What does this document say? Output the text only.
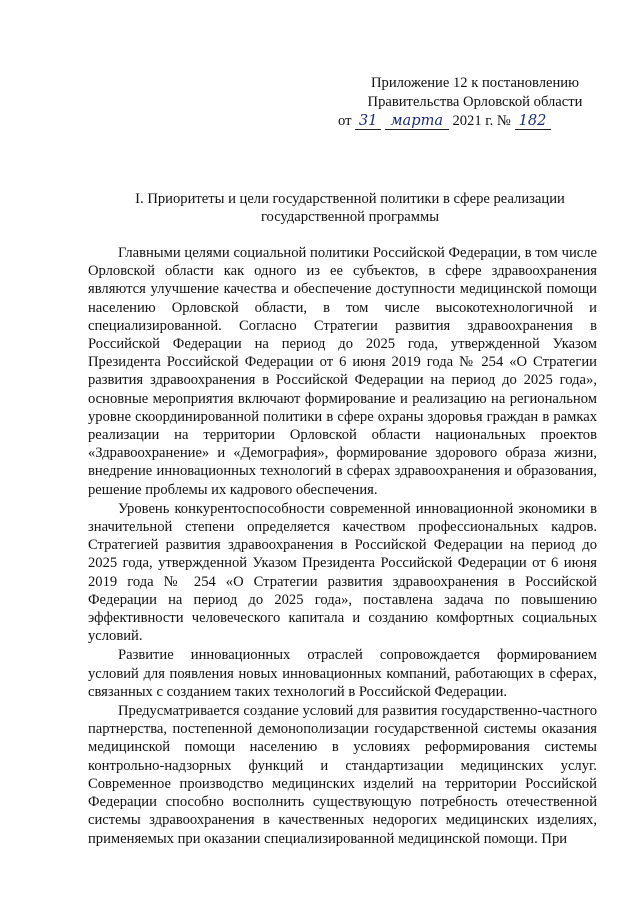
Приложение 12 к постановлению
Правительства Орловской области
от 31 марта 2021 г. № 182
I. Приоритеты и цели государственной политики в сфере реализации государственной программы

Главными целями социальной политики Российской Федерации, в том числе Орловской области как одного из ее субъектов, в сфере здравоохранения являются улучшение качества и обеспечение доступности медицинской помощи населению Орловской области, в том числе высокотехнологичной и специализированной. Согласно Стратегии развития здравоохранения в Российской Федерации на период до 2025 года, утвержденной Указом Президента Российской Федерации от 6 июня 2019 года № 254 «О Стратегии развития здравоохранения в Российской Федерации на период до 2025 года», основные мероприятия включают формирование и реализацию на региональном уровне скоординированной политики в сфере охраны здоровья граждан в рамках реализации на территории Орловской области национальных проектов «Здравоохранение» и «Демография», формирование здорового образа жизни, внедрение инновационных технологий в сферах здравоохранения и образования, решение проблемы их кадрового обеспечения.

Уровень конкурентоспособности современной инновационной экономики в значительной степени определяется качеством профессиональных кадров. Стратегией развития здравоохранения в Российской Федерации на период до 2025 года, утвержденной Указом Президента Российской Федерации от 6 июня 2019 года № 254 «О Стратегии развития здравоохранения в Российской Федерации на период до 2025 года», поставлена задача по повышению эффективности человеческого капитала и созданию комфортных социальных условий.

Развитие инновационных отраслей сопровождается формированием условий для появления новых инновационных компаний, работающих в сферах, связанных с созданием таких технологий в Российской Федерации.

Предусматривается создание условий для развития государственно-частного партнерства, постепенной демонополизации государственной системы оказания медицинской помощи населению в условиях реформирования системы контрольно-надзорных функций и стандартизации медицинских услуг. Современное производство медицинских изделий на территории Российской Федерации способно восполнить существующую потребность отечественной системы здравоохранения в качественных недорогих медицинских изделиях, применяемых при оказании специализированной медицинской помощи. При
